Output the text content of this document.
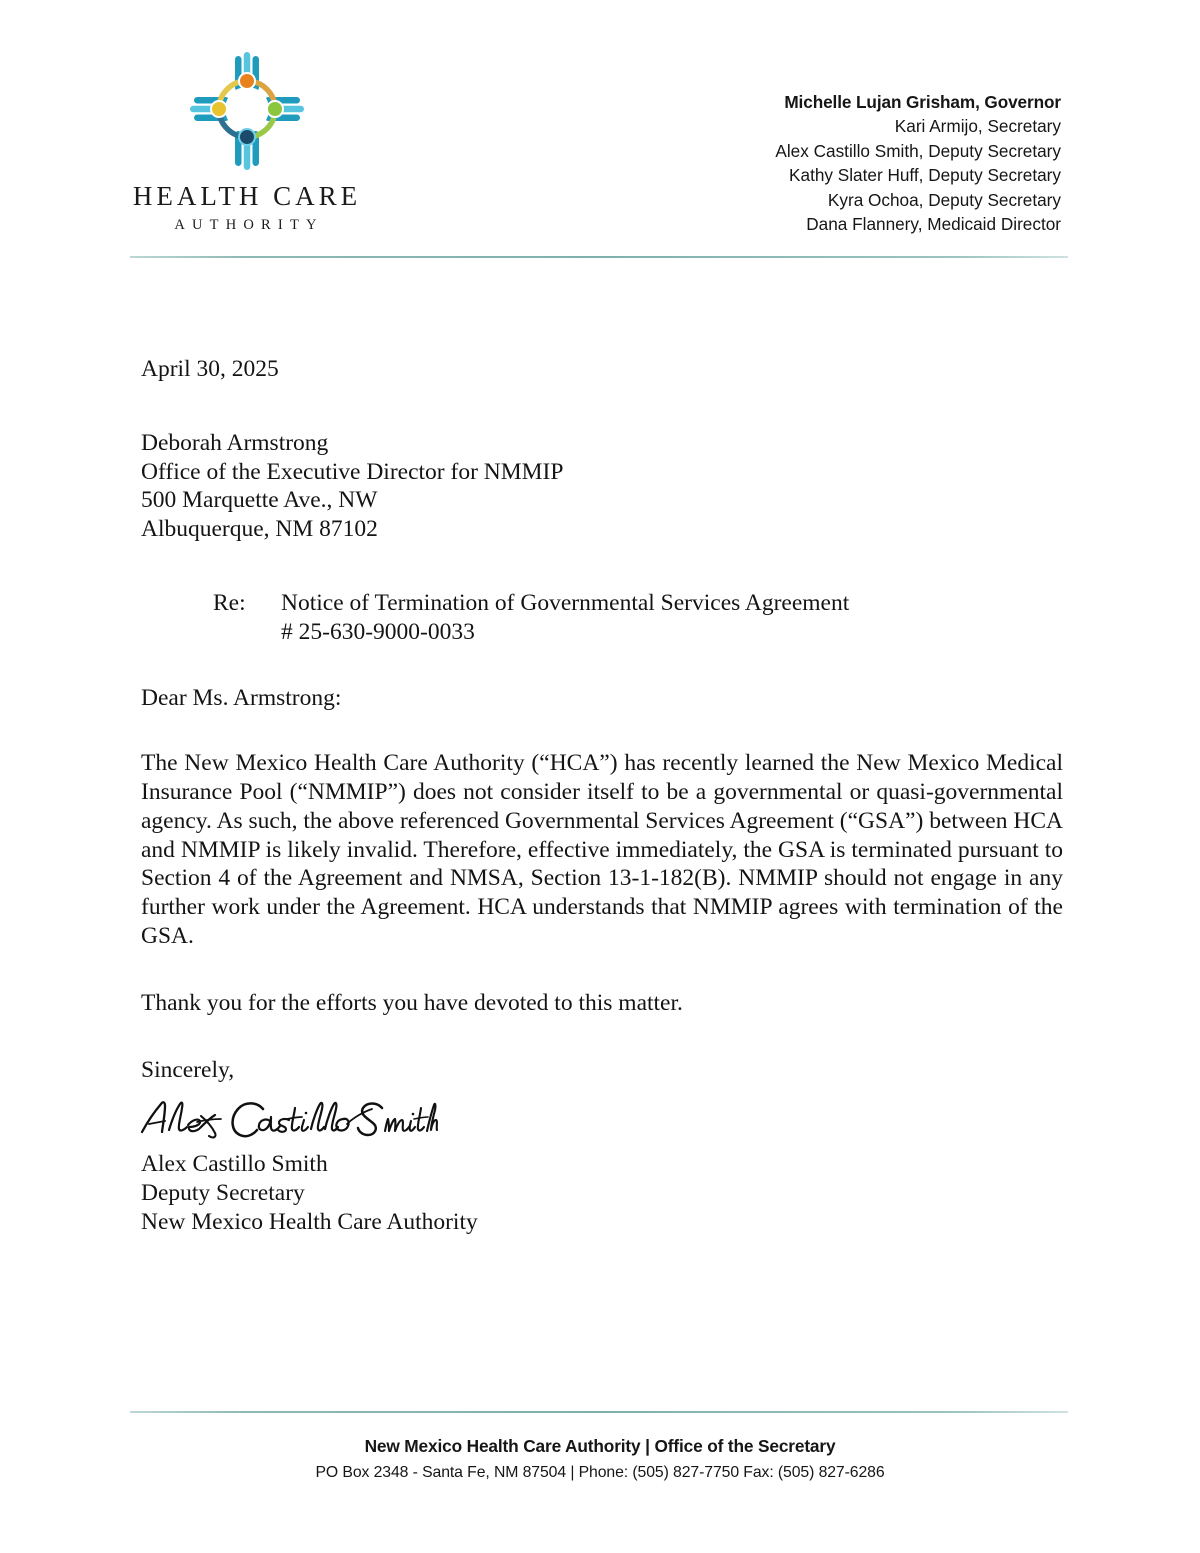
HEALTH CARE
AUTHORITY
Michelle Lujan Grisham, Governor
Kari Armijo, Secretary
Alex Castillo Smith, Deputy Secretary
Kathy Slater Huff, Deputy Secretary
Kyra Ochoa, Deputy Secretary
Dana Flannery, Medicaid Director

April 30, 2025

Deborah Armstrong
Office of the Executive Director for NMMIP
500 Marquette Ave., NW
Albuquerque, NM 87102
Re:	Notice of Termination of Governmental Services Agreement
# 25-630-9000-0033

Dear Ms. Armstrong:

The New Mexico Health Care Authority (“HCA”) has recently learned the New Mexico Medical Insurance Pool (“NMMIP”) does not consider itself to be a governmental or quasi-governmental agency. As such, the above referenced Governmental Services Agreement (“GSA”) between HCA and NMMIP is likely invalid. Therefore, effective immediately, the GSA is terminated pursuant to Section 4 of the Agreement and NMSA, Section 13-1-182(B). NMMIP should not engage in any further work under the Agreement. HCA understands that NMMIP agrees with termination of the GSA.

Thank you for the efforts you have devoted to this matter.

Sincerely,

Alex Castillo Smith
Deputy Secretary
New Mexico Health Care Authority
New Mexico Health Care Authority | Office of the Secretary
PO Box 2348 - Santa Fe, NM 87504 | Phone: (505) 827-7750 Fax: (505) 827-6286
